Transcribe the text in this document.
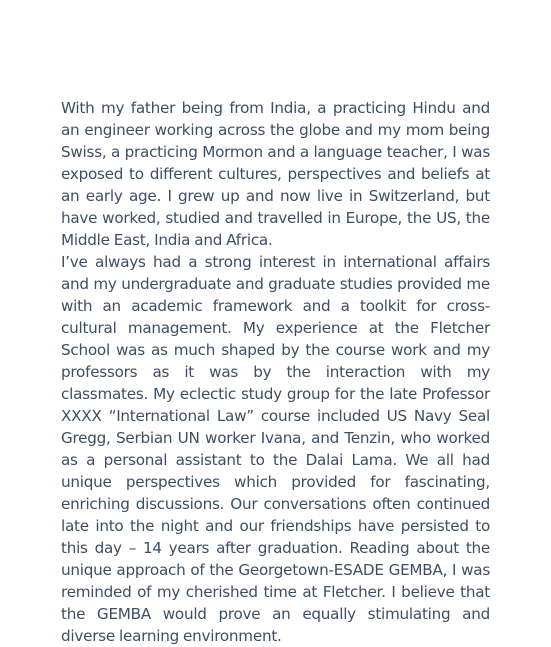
With my father being from India, a practicing Hindu and an engineer working across the globe and my mom being Swiss, a practicing Mormon and a language teacher, I was exposed to different cultures, perspectives and beliefs at an early age. I grew up and now live in Switzerland, but have worked, studied and travelled in Europe, the US, the Middle East, India and Africa.

I’ve always had a strong interest in international affairs and my undergraduate and graduate studies provided me with an academic framework and a toolkit for cross-cultural management. My experience at the Fletcher School was as much shaped by the course work and my professors as it was by the interaction with my classmates. My eclectic study group for the late Professor XXXX “International Law” course included US Navy Seal Gregg, Serbian UN worker Ivana, and Tenzin, who worked as a personal assistant to the Dalai Lama. We all had unique perspectives which provided for fascinating, enriching discussions. Our conversations often continued late into the night and our friendships have persisted to this day – 14 years after graduation. Reading about the unique approach of the Georgetown-ESADE GEMBA, I was reminded of my cherished time at Fletcher. I believe that the GEMBA would prove an equally stimulating and diverse learning environment.
